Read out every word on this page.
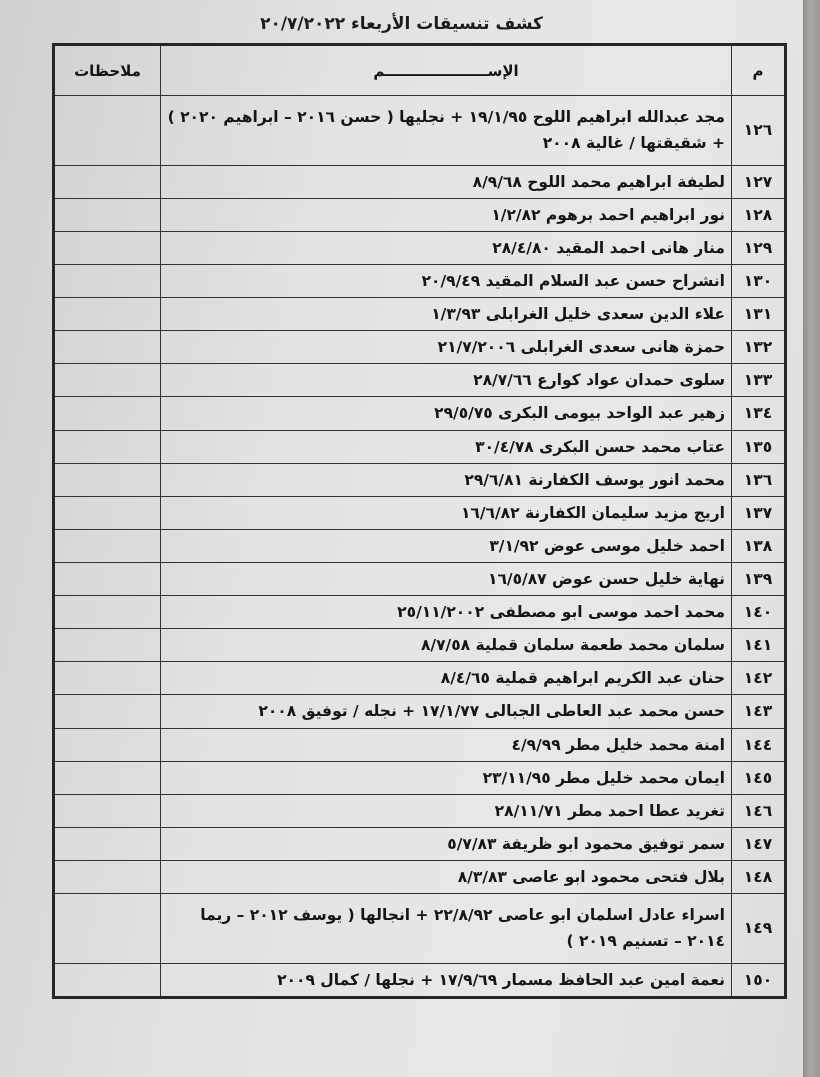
كشف تنسيقات الأربعاء ٢٠/٧/٢٠٢٢
م	الإســــــــــــــــــــم	ملاحظات
١٢٦	مجد عبدالله ابراهيم اللوح ١٩/١/٩٥ + نجليها ( حسن ٢٠١٦ – ابراهيم ٢٠٢٠ ) + شقيقتها / غالية ٢٠٠٨	
١٢٧	لطيفة ابراهيم محمد اللوح ٨/٩/٦٨	
١٢٨	نور ابراهيم احمد برهوم ١/٢/٨٢	
١٢٩	منار هانى احمد المقيد ٢٨/٤/٨٠	
١٣٠	انشراح حسن عبد السلام المقيد ٢٠/٩/٤٩	
١٣١	علاء الدين سعدى خليل الغرابلى ١/٣/٩٣	
١٣٢	حمزة هانى سعدى الغرابلى ٢١/٧/٢٠٠٦	
١٣٣	سلوى حمدان عواد كوارع ٢٨/٧/٦٦	
١٣٤	زهير عبد الواحد بيومى البكرى ٢٩/٥/٧٥	
١٣٥	عتاب محمد حسن البكرى ٣٠/٤/٧٨	
١٣٦	محمد انور يوسف الكفارنة ٢٩/٦/٨١	
١٣٧	اريج مزيد سليمان الكفارنة ١٦/٦/٨٢	
١٣٨	احمد خليل موسى عوض ٣/١/٩٢	
١٣٩	نهاية خليل حسن عوض ١٦/٥/٨٧	
١٤٠	محمد احمد موسى ابو مصطفى ٢٥/١١/٢٠٠٢	
١٤١	سلمان محمد طعمة سلمان قملية ٨/٧/٥٨	
١٤٢	حنان عبد الكريم ابراهيم قملية ٨/٤/٦٥	
١٤٣	حسن محمد عبد العاطى الجبالى ١٧/١/٧٧ + نجله / توفيق ٢٠٠٨	
١٤٤	امنة محمد خليل مطر ٤/٩/٩٩	
١٤٥	ايمان محمد خليل مطر ٢٣/١١/٩٥	
١٤٦	تغريد عطا احمد مطر ٢٨/١١/٧١	
١٤٧	سمر توفيق محمود ابو ظريفة ٥/٧/٨٣	
١٤٨	بلال فتحى محمود ابو عاصى ٨/٣/٨٣	
١٤٩	اسراء عادل اسلمان ابو عاصى ٢٢/٨/٩٢ + انجالها ( يوسف ٢٠١٢ – ريما ٢٠١٤ – تسنيم ٢٠١٩ )	
١٥٠	نعمة امين عبد الحافظ مسمار ١٧/٩/٦٩ + نجلها / كمال ٢٠٠٩	
